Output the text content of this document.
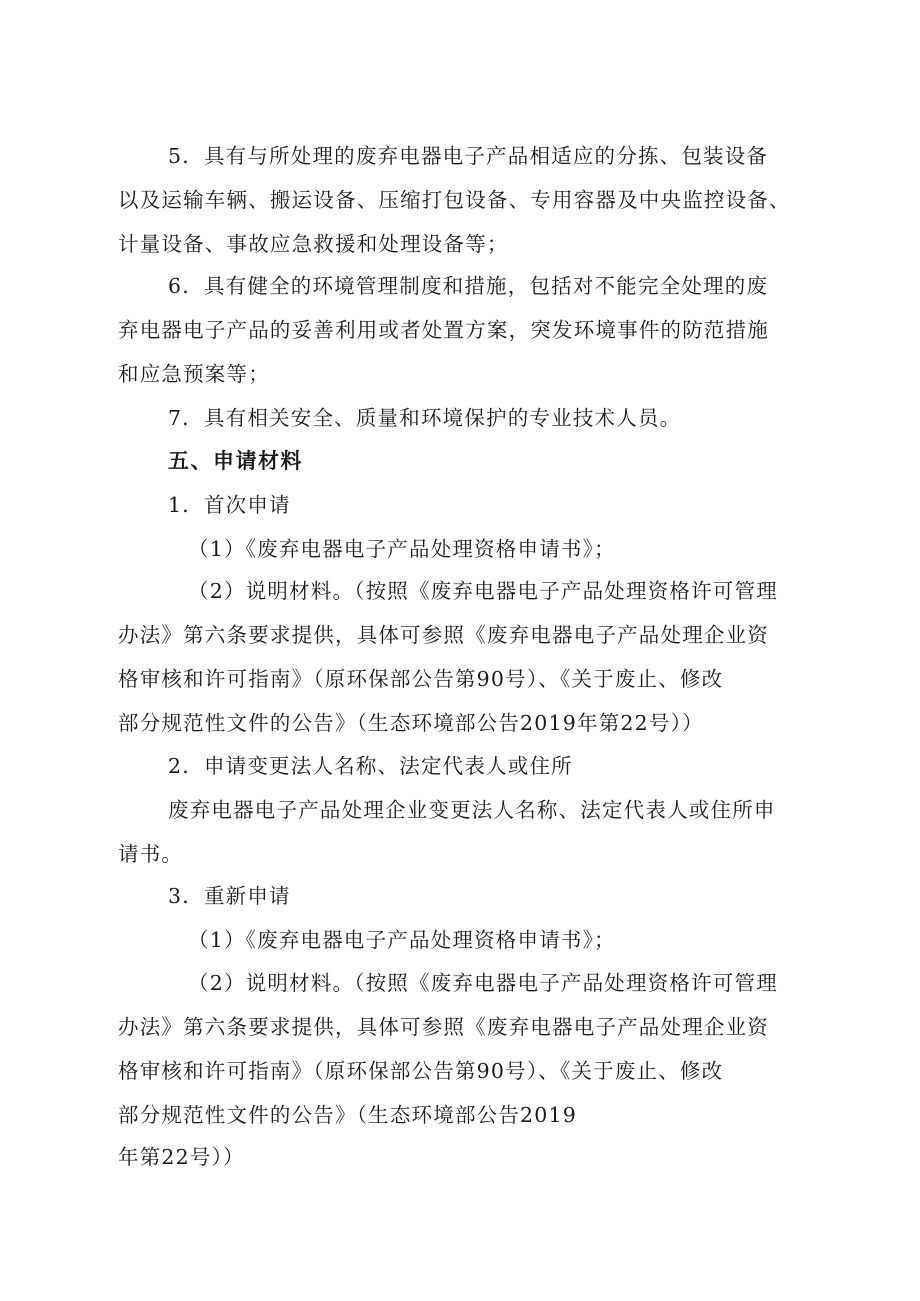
5．具有与所处理的废弃电器电子产品相适应的分拣、包装设备
以及运输车辆、搬运设备、压缩打包设备、专用容器及中央监控设备、
计量设备、事故应急救援和处理设备等；
6．具有健全的环境管理制度和措施，包括对不能完全处理的废
弃电器电子产品的妥善利用或者处置方案，突发环境事件的防范措施
和应急预案等；
7．具有相关安全、质量和环境保护的专业技术人员。
五、申请材料
1．首次申请
（1）《废弃电器电子产品处理资格申请书》；
（2）说明材料。（按照《废弃电器电子产品处理资格许可管理
办法》第六条要求提供，具体可参照《废弃电器电子产品处理企业资
格审核和许可指南》（原环保部公告第90号）、《关于废止、修改
部分规范性文件的公告》（生态环境部公告2019年第22号））
2．申请变更法人名称、法定代表人或住所
废弃电器电子产品处理企业变更法人名称、法定代表人或住所申
请书。
3．重新申请
（1）《废弃电器电子产品处理资格申请书》；
（2）说明材料。（按照《废弃电器电子产品处理资格许可管理
办法》第六条要求提供，具体可参照《废弃电器电子产品处理企业资
格审核和许可指南》（原环保部公告第90号）、《关于废止、修改
部分规范性文件的公告》（生态环境部公告2019
年第22号））
